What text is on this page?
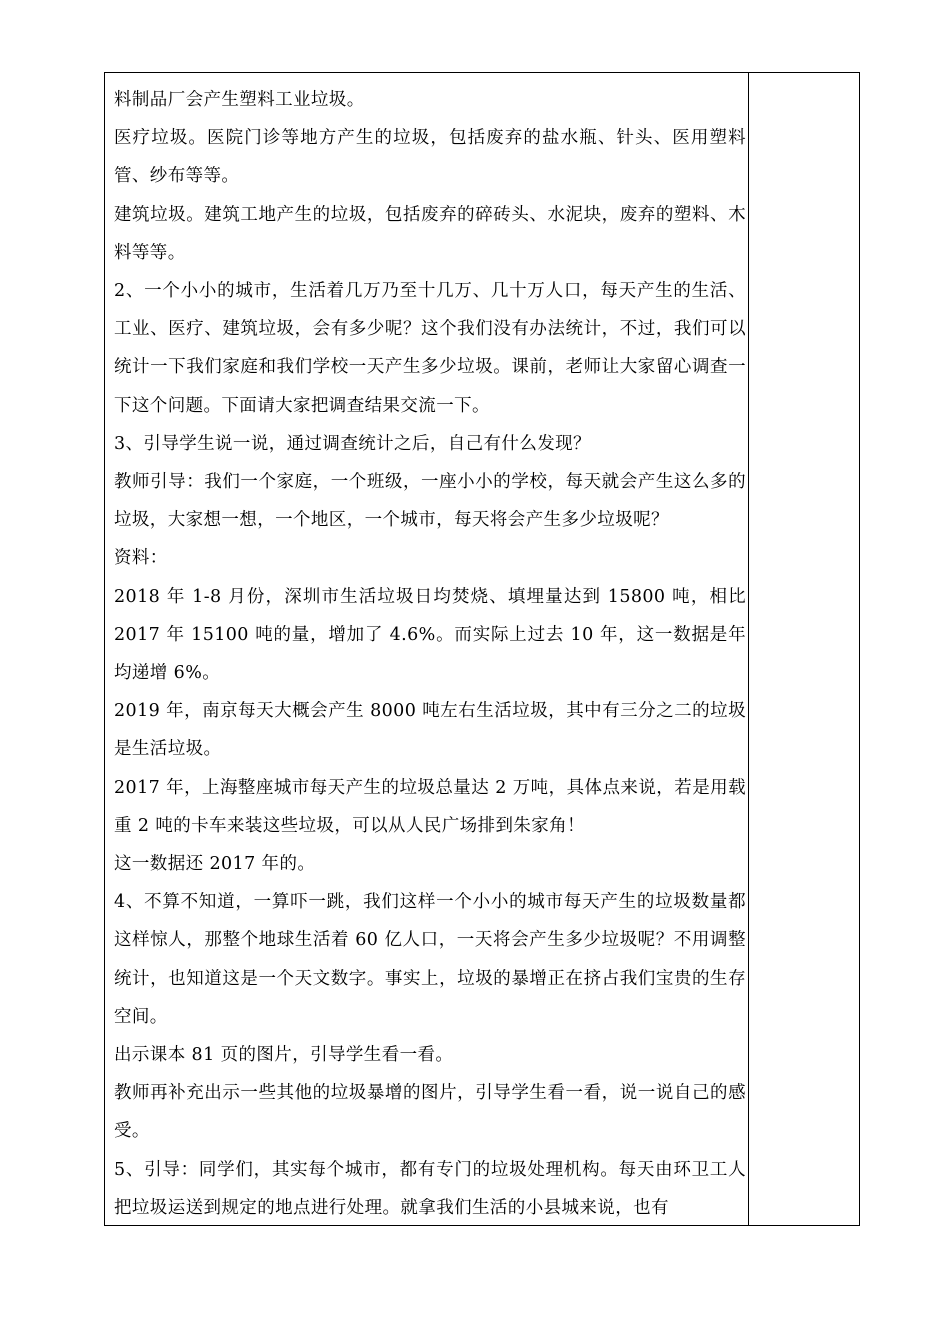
料制品厂会产生塑料工业垃圾。

医疗垃圾。医院门诊等地方产生的垃圾，包括废弃的盐水瓶、针头、医用塑料管、纱布等等。

建筑垃圾。建筑工地产生的垃圾，包括废弃的碎砖头、水泥块，废弃的塑料、木料等等。

2、一个小小的城市，生活着几万乃至十几万、几十万人口，每天产生的生活、工业、医疗、建筑垃圾，会有多少呢？这个我们没有办法统计，不过，我们可以统计一下我们家庭和我们学校一天产生多少垃圾。课前，老师让大家留心调查一下这个问题。下面请大家把调查结果交流一下。

3、引导学生说一说，通过调查统计之后，自己有什么发现？

教师引导：我们一个家庭，一个班级，一座小小的学校，每天就会产生这么多的垃圾，大家想一想，一个地区，一个城市，每天将会产生多少垃圾呢？

资料：

2018 年 1-8 月份，深圳市生活垃圾日均焚烧、填埋量达到 15800 吨，相比 2017 年 15100 吨的量，增加了 4.6%。而实际上过去 10 年，这一数据是年均递增 6%。

2019 年，南京每天大概会产生 8000 吨左右生活垃圾，其中有三分之二的垃圾是生活垃圾。

2017 年，上海整座城市每天产生的垃圾总量达 2 万吨，具体点来说，若是用载重 2 吨的卡车来装这些垃圾，可以从人民广场排到朱家角！

这一数据还 2017 年的。

4、不算不知道，一算吓一跳，我们这样一个小小的城市每天产生的垃圾数量都这样惊人，那整个地球生活着 60 亿人口，一天将会产生多少垃圾呢？不用调整统计，也知道这是一个天文数字。事实上，垃圾的暴增正在挤占我们宝贵的生存空间。

出示课本 81 页的图片，引导学生看一看。

教师再补充出示一些其他的垃圾暴增的图片，引导学生看一看，说一说自己的感受。

5、引导：同学们，其实每个城市，都有专门的垃圾处理机构。每天由环卫工人把垃圾运送到规定的地点进行处理。就拿我们生活的小县城来说，也有
